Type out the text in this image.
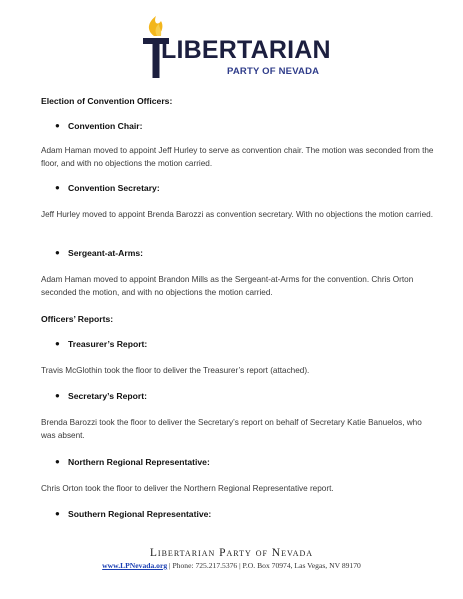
LIBERTARIAN
PARTY OF NEVADA
Election of Convention Officers:
● Convention Chair:
Adam Haman moved to appoint Jeff Hurley to serve as convention chair. The motion was seconded from the floor, and with no objections the motion carried.
● Convention Secretary:
Jeff Hurley moved to appoint Brenda Barozzi as convention secretary. With no objections the motion carried.
● Sergeant-at-Arms:
Adam Haman moved to appoint Brandon Mills as the Sergeant-at-Arms for the convention. Chris Orton seconded the motion, and with no objections the motion carried.
Officers’ Reports:
● Treasurer’s Report:
Travis McGlothin took the floor to deliver the Treasurer’s report (attached).
● Secretary’s Report:
Brenda Barozzi took the floor to deliver the Secretary’s report on behalf of Secretary Katie Banuelos, who was absent.
● Northern Regional Representative:
Chris Orton took the floor to deliver the Northern Regional Representative report.
● Southern Regional Representative:
Libertarian Party of Nevada
www.LPNevada.org | Phone: 725.217.5376 | P.O. Box 70974, Las Vegas, NV 89170
